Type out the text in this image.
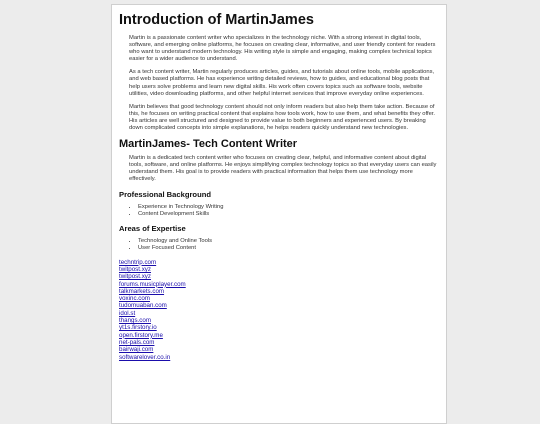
Introduction of MartinJames

Martin is a passionate content writer who specializes in the technology niche. With a strong interest in digital tools, software, and emerging online platforms, he focuses on creating clear, informative, and user friendly content for readers who want to understand modern technology. His writing style is simple and engaging, making complex technical topics easier for a wider audience to understand.

As a tech content writer, Martin regularly produces articles, guides, and tutorials about online tools, mobile applications, and web based platforms. He has experience writing detailed reviews, how to guides, and educational blog posts that help users solve problems and learn new digital skills. His work often covers topics such as software tools, website utilities, video downloading platforms, and other helpful internet services that improve everyday online experiences.

Martin believes that good technology content should not only inform readers but also help them take action. Because of this, he focuses on writing practical content that explains how tools work, how to use them, and what benefits they offer. His articles are well structured and designed to provide value to both beginners and experienced users. By breaking down complicated concepts into simple explanations, he helps readers quickly understand new technologies.

MartinJames- Tech Content Writer

Martin is a dedicated tech content writer who focuses on creating clear, helpful, and informative content about digital tools, software, and online platforms. He enjoys simplifying complex technology topics so that everyday users can easily understand them. His goal is to provide readers with practical information that helps them use technology more effectively.

Professional Background
• Experience in Technology Writing
• Content Development Skills
Areas of Expertise
• Technology and Online Tools
• User Focused Content
techntrip.com
twitpost.xyz
twitpost.xyz
forums.musicplayer.com
talkmarkets.com
voxinc.com
tudomuaban.com
idol.st
thangs.com
yt1s.firstory.io
open.firstory.me
net-pals.com
bairwaji.com
softwarelover.co.in
